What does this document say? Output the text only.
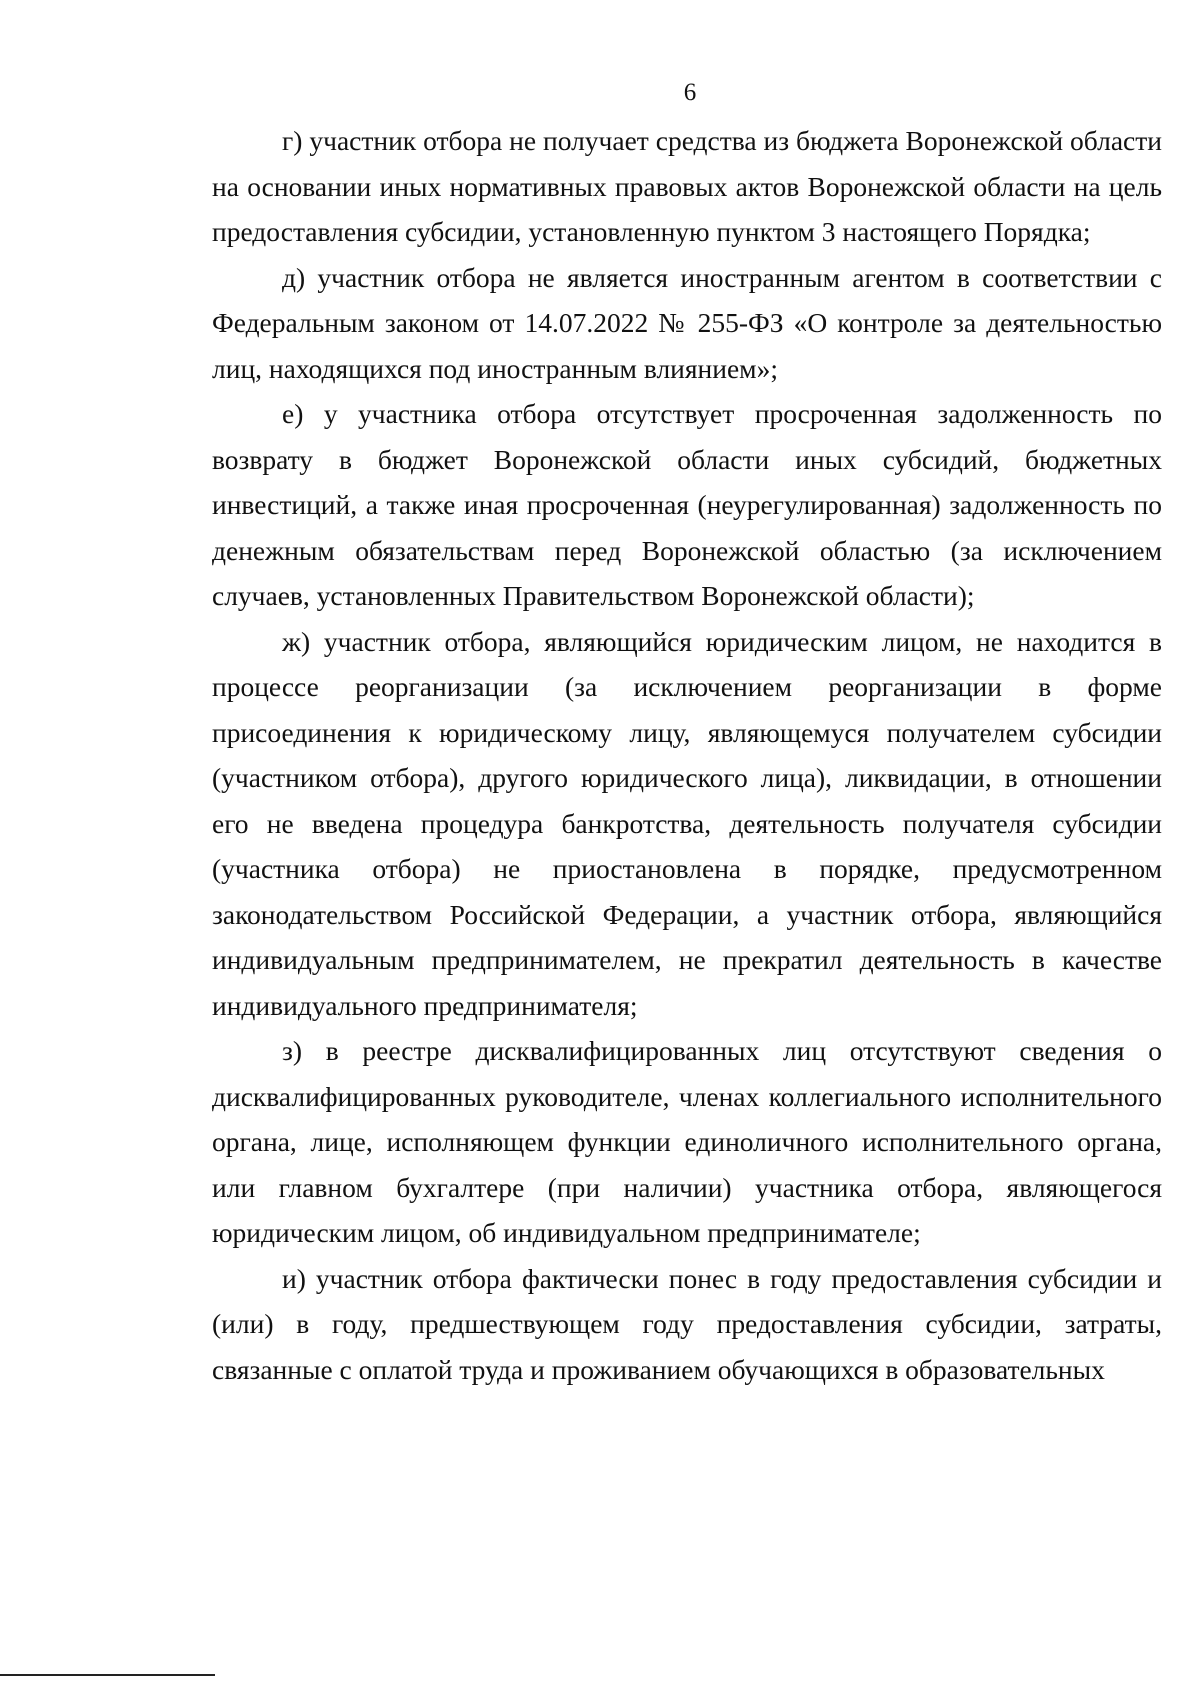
6

г) участник отбора не получает средства из бюджета Воронежской области на основании иных нормативных правовых актов Воронежской области на цель предоставления субсидии, установленную пунктом 3 настоящего Порядка;

д) участник отбора не является иностранным агентом в соответствии с Федеральным законом от 14.07.2022 № 255-ФЗ «О контроле за деятельностью лиц, находящихся под иностранным влиянием»;

е) у участника отбора отсутствует просроченная задолженность по возврату в бюджет Воронежской области иных субсидий, бюджетных инвестиций, а также иная просроченная (неурегулированная) задолженность по денежным обязательствам перед Воронежской областью (за исключением случаев, установленных Правительством Воронежской области);

ж) участник отбора, являющийся юридическим лицом, не находится в процессе реорганизации (за исключением реорганизации в форме присоединения к юридическому лицу, являющемуся получателем субсидии (участником отбора), другого юридического лица), ликвидации, в отношении его не введена процедура банкротства, деятельность получателя субсидии (участника отбора) не приостановлена в порядке, предусмотренном законодательством Российской Федерации, а участник отбора, являющийся индивидуальным предпринимателем, не прекратил деятельность в качестве индивидуального предпринимателя;

з) в реестре дисквалифицированных лиц отсутствуют сведения о дисквалифицированных руководителе, членах коллегиального исполнительного органа, лице, исполняющем функции единоличного исполнительного органа, или главном бухгалтере (при наличии) участника отбора, являющегося юридическим лицом, об индивидуальном предпринимателе;

и) участник отбора фактически понес в году предоставления субсидии и (или) в году, предшествующем году предоставления субсидии, затраты, связанные с оплатой труда и проживанием обучающихся в образовательных
